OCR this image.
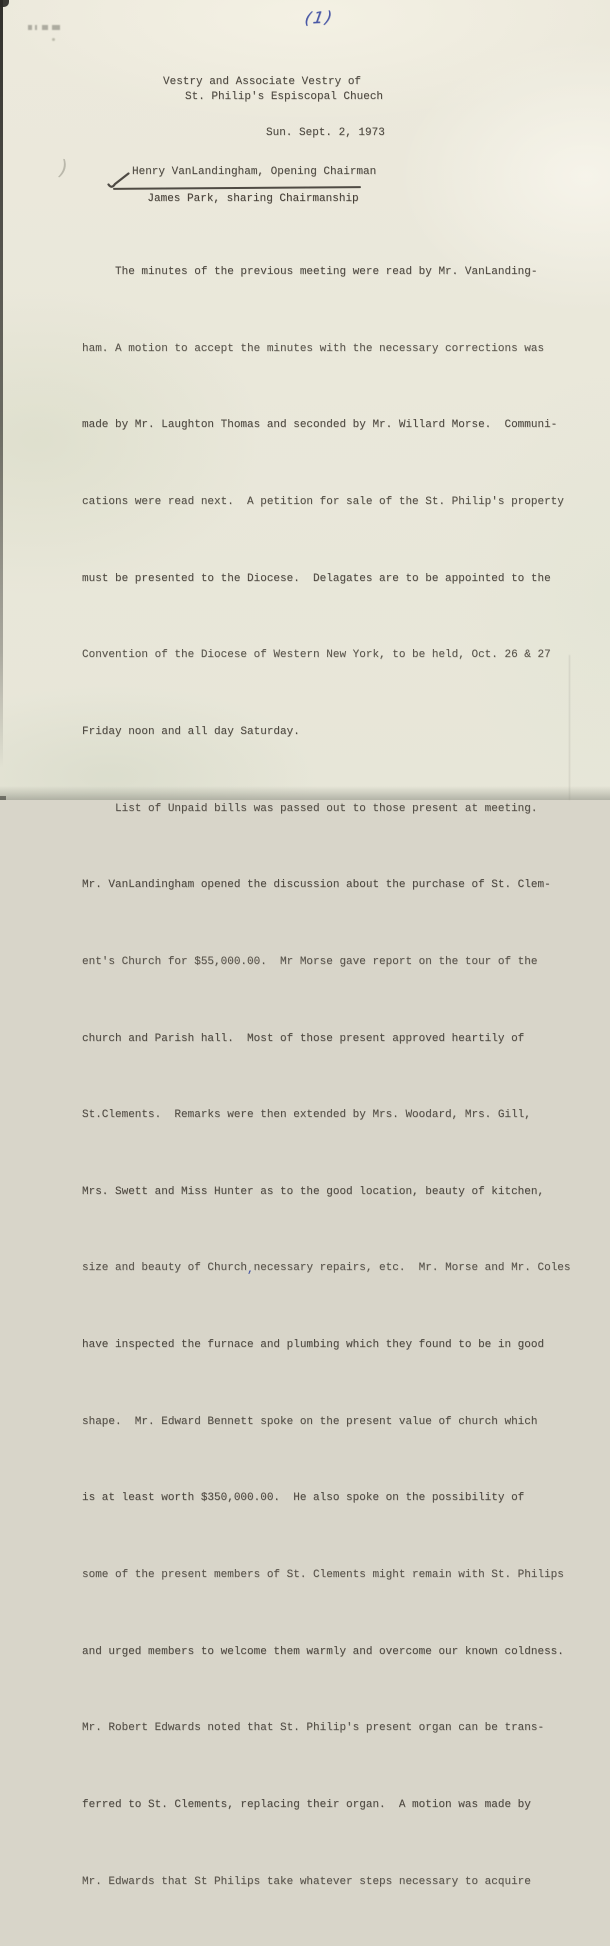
)
(1)
Vestry and Associate Vestry of
St. Philip's Espiscopal Chuech
Sun. Sept. 2, 1973
Henry VanLandingham, Opening Chairman

James Park, sharing Chairmanship

The minutes of the previous meeting were read by Mr. VanLanding-

ham. A motion to accept the minutes with the necessary corrections was

made by Mr. Laughton Thomas and seconded by Mr. Willard Morse.  Communi-

cations were read next.  A petition for sale of the St. Philip's property

must be presented to the Diocese.  Delagates are to be appointed to the

Convention of the Diocese of Western New York, to be held, Oct. 26 & 27

Friday noon and all day Saturday.

List of Unpaid bills was passed out to those present at meeting.

Mr. VanLandingham opened the discussion about the purchase of St. Clem-

ent's Church for $55,000.00.  Mr Morse gave report on the tour of the

church and Parish hall.  Most of those present approved heartily of

St.Clements.  Remarks were then extended by Mrs. Woodard, Mrs. Gill,

Mrs. Swett and Miss Hunter as to the good location, beauty of kitchen,

size and beauty of Church,necessary repairs, etc.  Mr. Morse and Mr. Coles

have inspected the furnace and plumbing which they found to be in good

shape.  Mr. Edward Bennett spoke on the present value of church which

is at least worth $350,000.00.  He also spoke on the possibility of

some of the present members of St. Clements might remain with St. Philips

and urged members to welcome them warmly and overcome our known coldness.

Mr. Robert Edwards noted that St. Philip's present organ can be trans-

ferred to St. Clements, replacing their organ.  A motion was made by

Mr. Edwards that St Philips take whatever steps necessary to acquire
